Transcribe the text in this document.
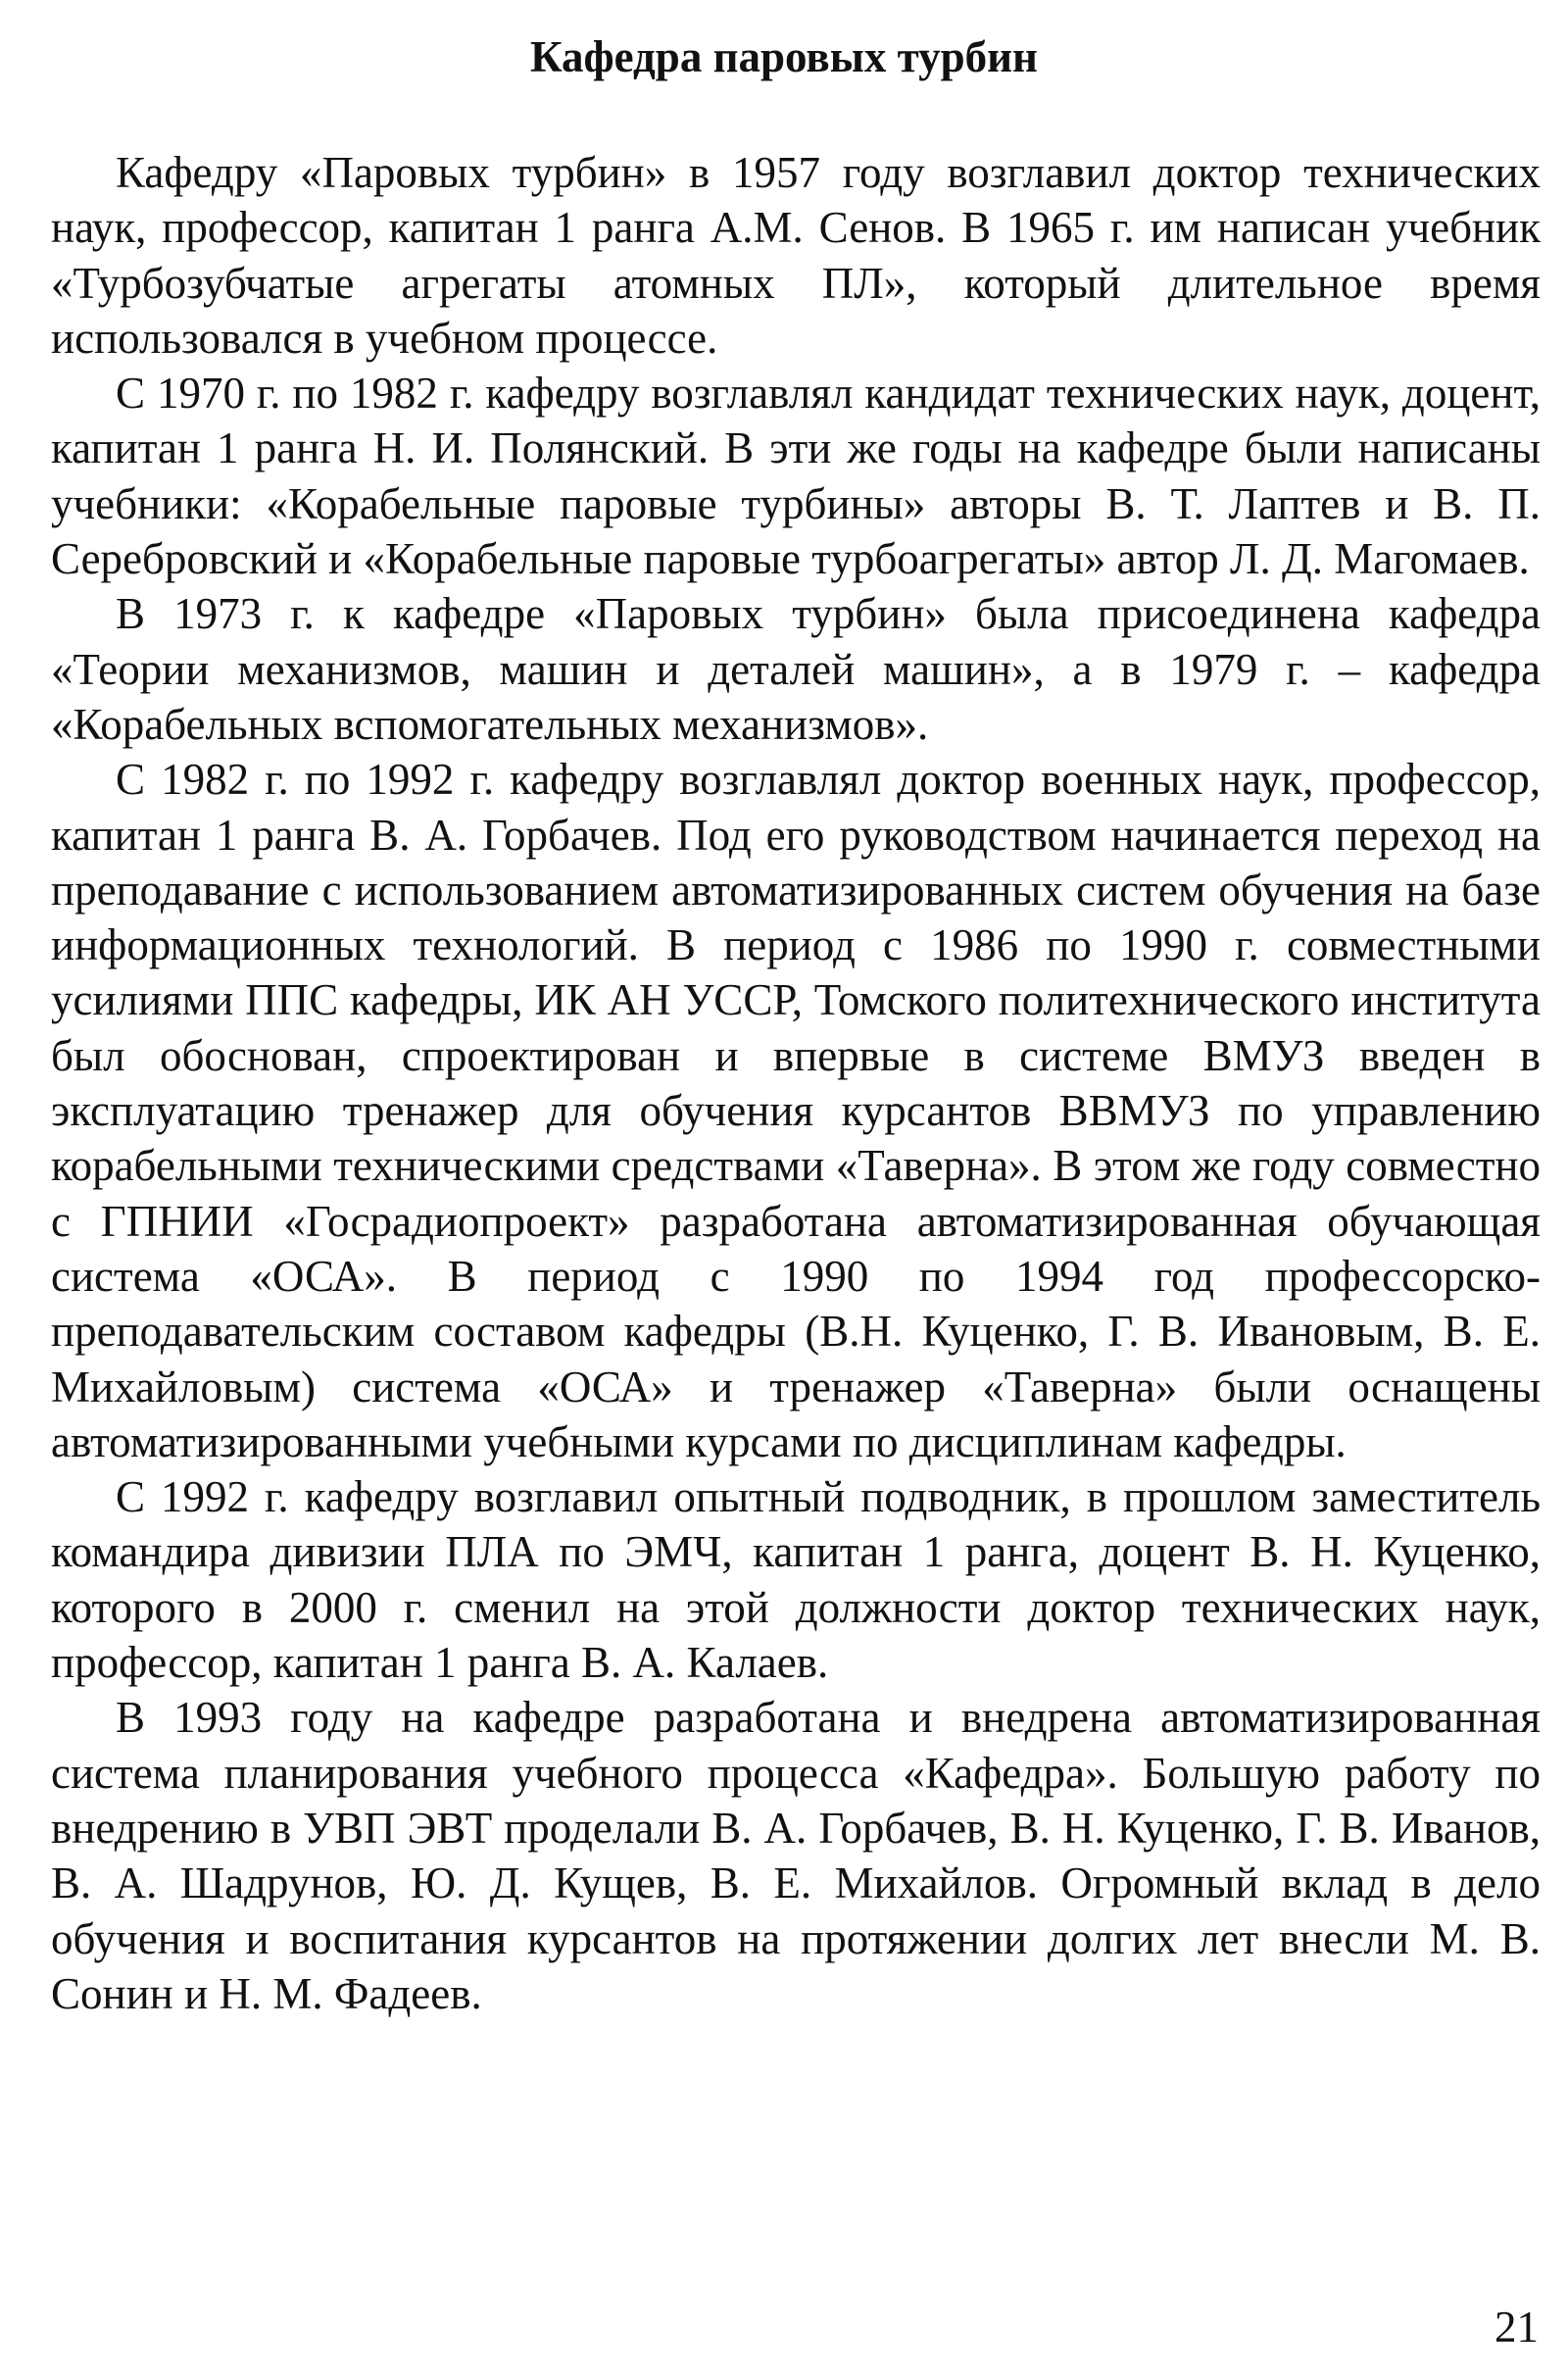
Кафедра паровых турбин

Кафедру «Паровых турбин» в 1957 году возглавил доктор технических наук, профессор, капитан 1 ранга А.М. Сенов. В 1965 г. им написан учебник «Турбозубчатые агрегаты атомных ПЛ», который длительное время использовался в учебном процессе.

С 1970 г. по 1982 г. кафедру возглавлял кандидат технических наук, доцент, капитан 1 ранга Н. И. Полянский. В эти же годы на кафедре были написаны учебники: «Корабельные паровые турбины» авторы В. Т. Лаптев и В. П. Серебровский и «Корабельные паровые турбоагрегаты» автор Л. Д. Магомаев.

В 1973 г. к кафедре «Паровых турбин» была присоединена кафедра «Теории механизмов, машин и деталей машин», а в 1979 г. – кафедра «Корабельных вспомогательных механизмов».

С 1982 г. по 1992 г. кафедру возглавлял доктор военных наук, профессор, капитан 1 ранга В. А. Горбачев. Под его руководством начинается переход на преподавание с использованием автоматизированных систем обучения на базе информационных технологий. В период с 1986 по 1990 г. совместными усилиями ППС кафедры, ИК АН УССР, Томского политехнического института был обоснован, спроектирован и впервые в системе ВМУЗ введен в эксплуатацию тренажер для обучения курсантов ВВМУЗ по управлению корабельными техническими средствами «Таверна». В этом же году совместно с ГПНИИ «Госрадиопроект» разработана автоматизированная обучающая система «ОСА». В период с 1990 по 1994 год профессорско-преподавательским составом кафедры (В.Н. Куценко, Г. В. Ивановым, В. Е. Михайловым) система «ОСА» и тренажер «Таверна» были оснащены автоматизированными учебными курсами по дисциплинам кафедры.

С 1992 г. кафедру возглавил опытный подводник, в прошлом заместитель командира дивизии ПЛА по ЭМЧ, капитан 1 ранга, доцент В. Н. Куценко, которого в 2000 г. сменил на этой должности доктор технических наук, профессор, капитан 1 ранга В. А. Калаев.

В 1993 году на кафедре разработана и внедрена автоматизированная система планирования учебного процесса «Кафедра». Большую работу по внедрению в УВП ЭВТ проделали В. А. Горбачев, В. Н. Куценко, Г. В. Иванов, В. А. Шадрунов, Ю. Д. Кущев, В. Е. Михайлов. Огромный вклад в дело обучения и воспитания курсантов на протяжении долгих лет внесли М. В. Сонин и Н. М. Фадеев.

21
